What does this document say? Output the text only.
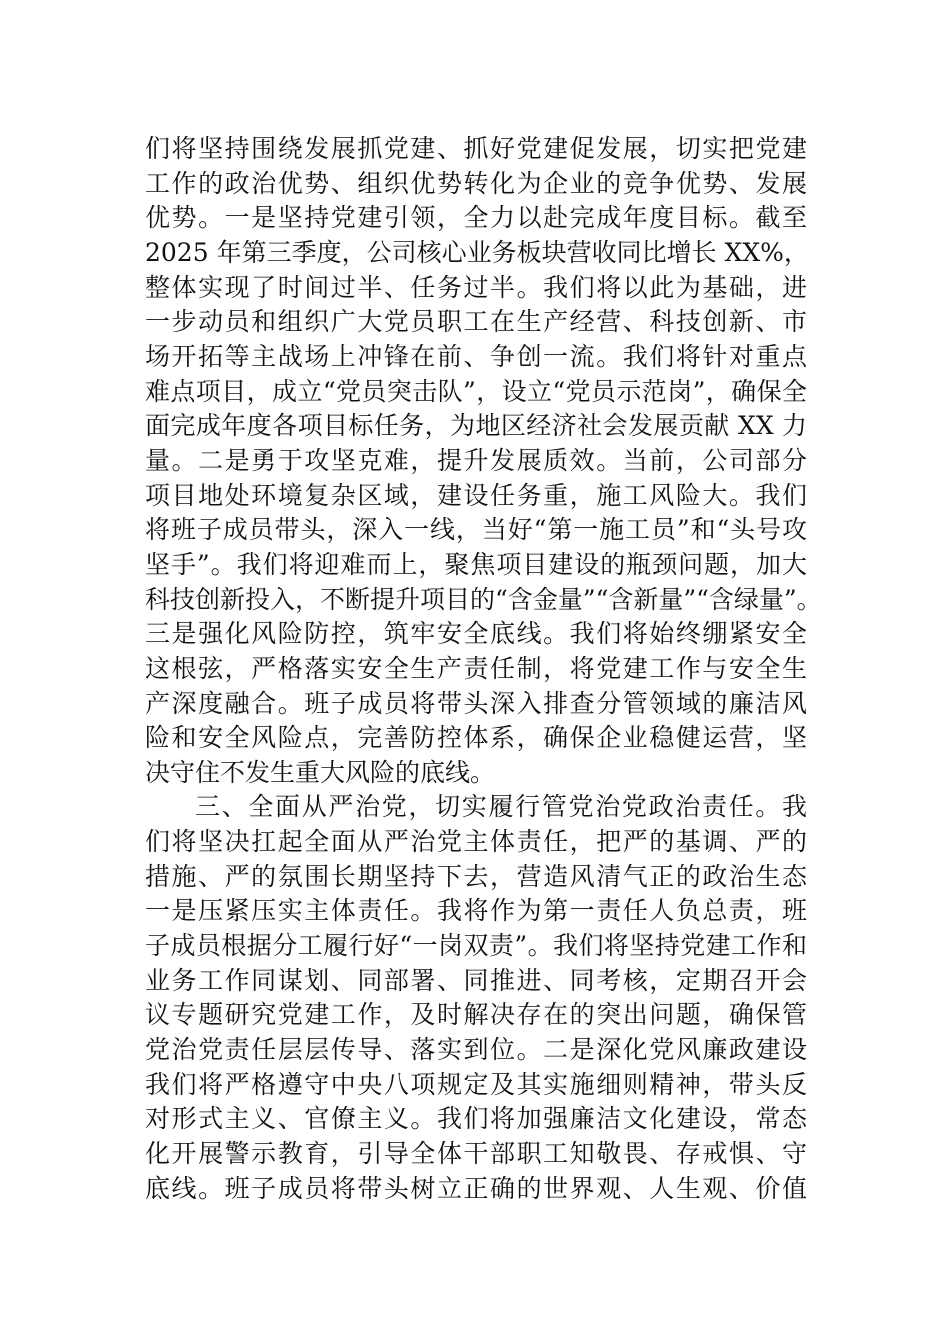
们将坚持围绕发展抓党建、抓好党建促发展，切实把党建
工作的政治优势、组织优势转化为企业的竞争优势、发展
优势。一是坚持党建引领，全力以赴完成年度目标。截至
2025 年第三季度，公司核心业务板块营收同比增长 XX%，
整体实现了时间过半、任务过半。我们将以此为基础，进
一步动员和组织广大党员职工在生产经营、科技创新、市
场开拓等主战场上冲锋在前、争创一流。我们将针对重点
难点项目，成立“党员突击队”，设立“党员示范岗”，确保全
面完成年度各项目标任务，为地区经济社会发展贡献 XX 力
量。二是勇于攻坚克难，提升发展质效。当前，公司部分
项目地处环境复杂区域，建设任务重，施工风险大。我们
将班子成员带头，深入一线，当好“第一施工员”和“头号攻
坚手”。我们将迎难而上，聚焦项目建设的瓶颈问题，加大
科技创新投入，不断提升项目的“含金量”“含新量”“含绿量”。
三是强化风险防控，筑牢安全底线。我们将始终绷紧安全
这根弦，严格落实安全生产责任制，将党建工作与安全生
产深度融合。班子成员将带头深入排查分管领域的廉洁风
险和安全风险点，完善防控体系，确保企业稳健运营，坚
决守住不发生重大风险的底线。
三、全面从严治党，切实履行管党治党政治责任。我
们将坚决扛起全面从严治党主体责任，把严的基调、严的
措施、严的氛围长期坚持下去，营造风清气正的政治生态
一是压紧压实主体责任。我将作为第一责任人负总责，班
子成员根据分工履行好“一岗双责”。我们将坚持党建工作和
业务工作同谋划、同部署、同推进、同考核，定期召开会
议专题研究党建工作，及时解决存在的突出问题，确保管
党治党责任层层传导、落实到位。二是深化党风廉政建设
我们将严格遵守中央八项规定及其实施细则精神，带头反
对形式主义、官僚主义。我们将加强廉洁文化建设，常态
化开展警示教育，引导全体干部职工知敬畏、存戒惧、守
底线。班子成员将带头树立正确的世界观、人生观、价值
